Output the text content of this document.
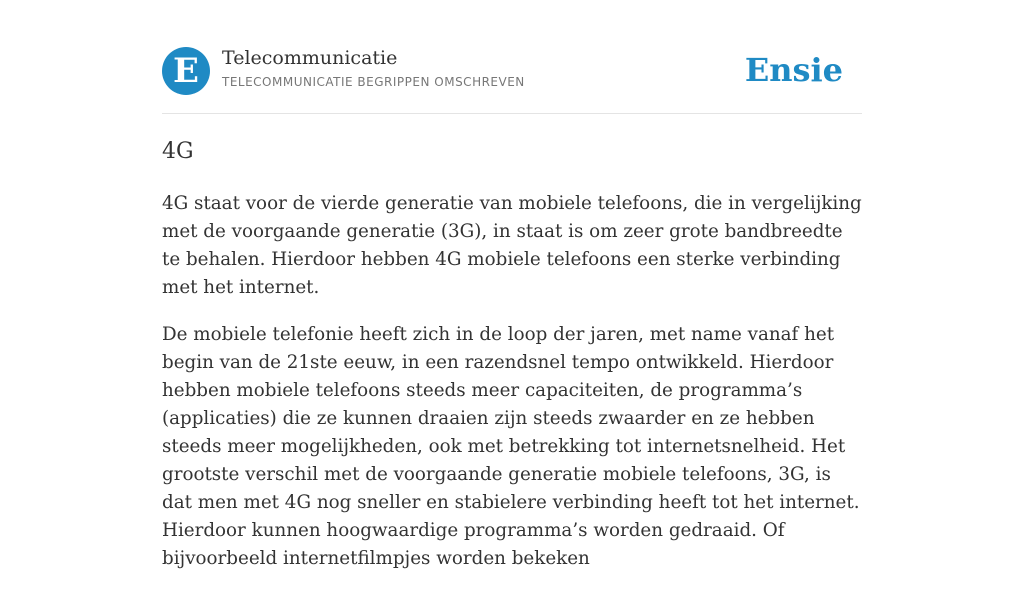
E	Telecommunicatie
TELECOMMUNICATIE BEGRIPPEN OMSCHREVEN	Ensie
4G

4G staat voor de vierde generatie van mobiele telefoons, die in vergelijking met de voorgaande generatie (3G), in staat is om zeer grote bandbreedte te behalen. Hierdoor hebben 4G mobiele telefoons een sterke verbinding met het internet.

De mobiele telefonie heeft zich in de loop der jaren, met name vanaf het begin van de 21ste eeuw, in een razendsnel tempo ontwikkeld. Hierdoor hebben mobiele telefoons steeds meer capaciteiten, de programma’s (applicaties) die ze kunnen draaien zijn steeds zwaarder en ze hebben steeds meer mogelijkheden, ook met betrekking tot internetsnelheid. Het grootste verschil met de voorgaande generatie mobiele telefoons, 3G, is dat men met 4G nog sneller en stabielere verbinding heeft tot het internet. Hierdoor kunnen hoogwaardige programma’s worden gedraaid. Of bijvoorbeeld internetfilmpjes worden bekeken
